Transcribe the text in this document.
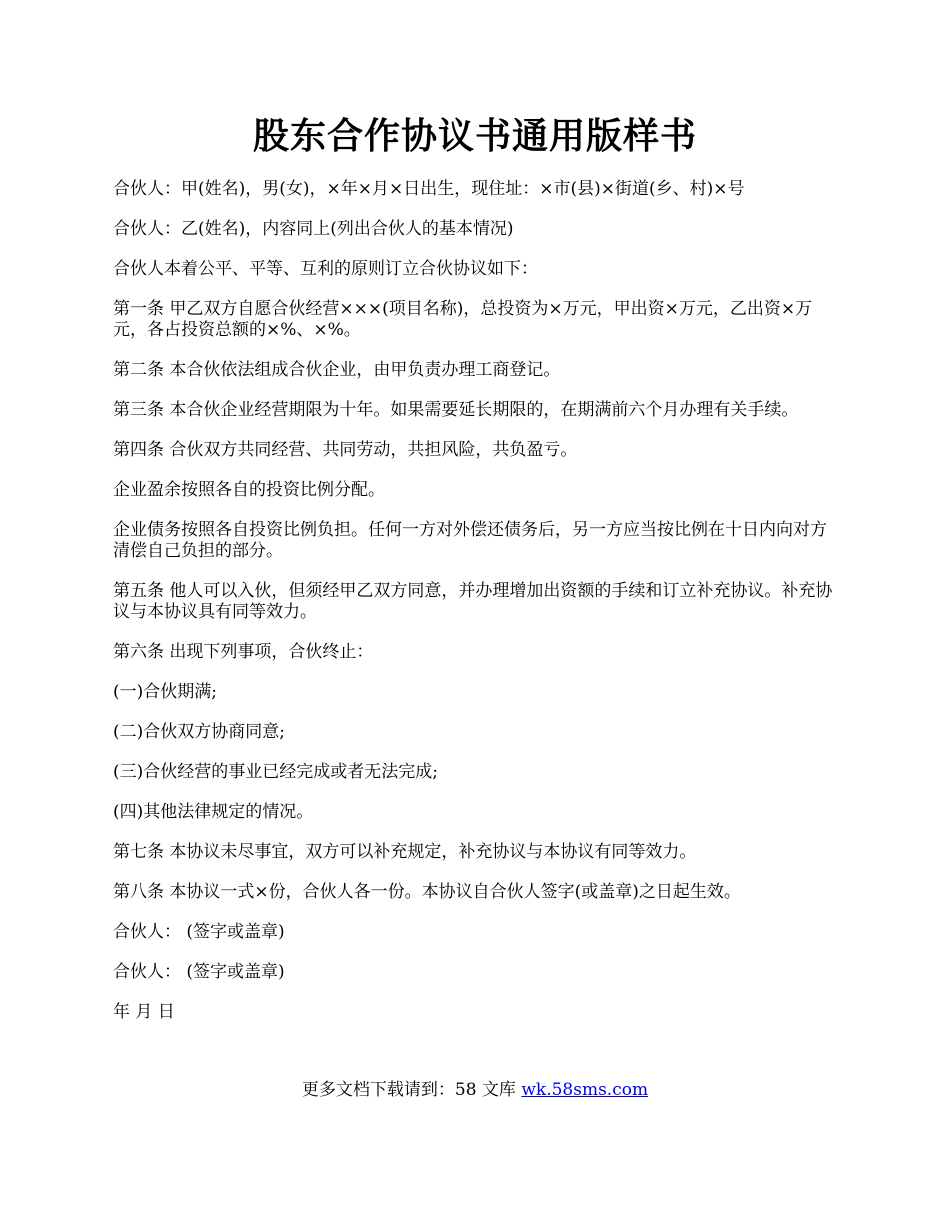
股东合作协议书通用版样书

合伙人：甲(姓名)，男(女)，×年×月×日出生，现住址：×市(县)×街道(乡、村)×号

合伙人：乙(姓名)，内容同上(列出合伙人的基本情况)

合伙人本着公平、平等、互利的原则订立合伙协议如下：

第一条 甲乙双方自愿合伙经营×××(项目名称)，总投资为×万元，甲出资×万元，乙出资×万元，各占投资总额的×%、×%。

第二条 本合伙依法组成合伙企业，由甲负责办理工商登记。

第三条 本合伙企业经营期限为十年。如果需要延长期限的，在期满前六个月办理有关手续。

第四条 合伙双方共同经营、共同劳动，共担风险，共负盈亏。

企业盈余按照各自的投资比例分配。

企业债务按照各自投资比例负担。任何一方对外偿还债务后，另一方应当按比例在十日内向对方清偿自己负担的部分。

第五条 他人可以入伙，但须经甲乙双方同意，并办理增加出资额的手续和订立补充协议。补充协议与本协议具有同等效力。

第六条 出现下列事项，合伙终止：

(一)合伙期满;

(二)合伙双方协商同意;

(三)合伙经营的事业已经完成或者无法完成;

(四)其他法律规定的情况。

第七条 本协议未尽事宜，双方可以补充规定，补充协议与本协议有同等效力。

第八条 本协议一式×份，合伙人各一份。本协议自合伙人签字(或盖章)之日起生效。

合伙人： (签字或盖章)

合伙人： (签字或盖章)

年 月 日

更多文档下载请到：58 文库 wk.58sms.com
